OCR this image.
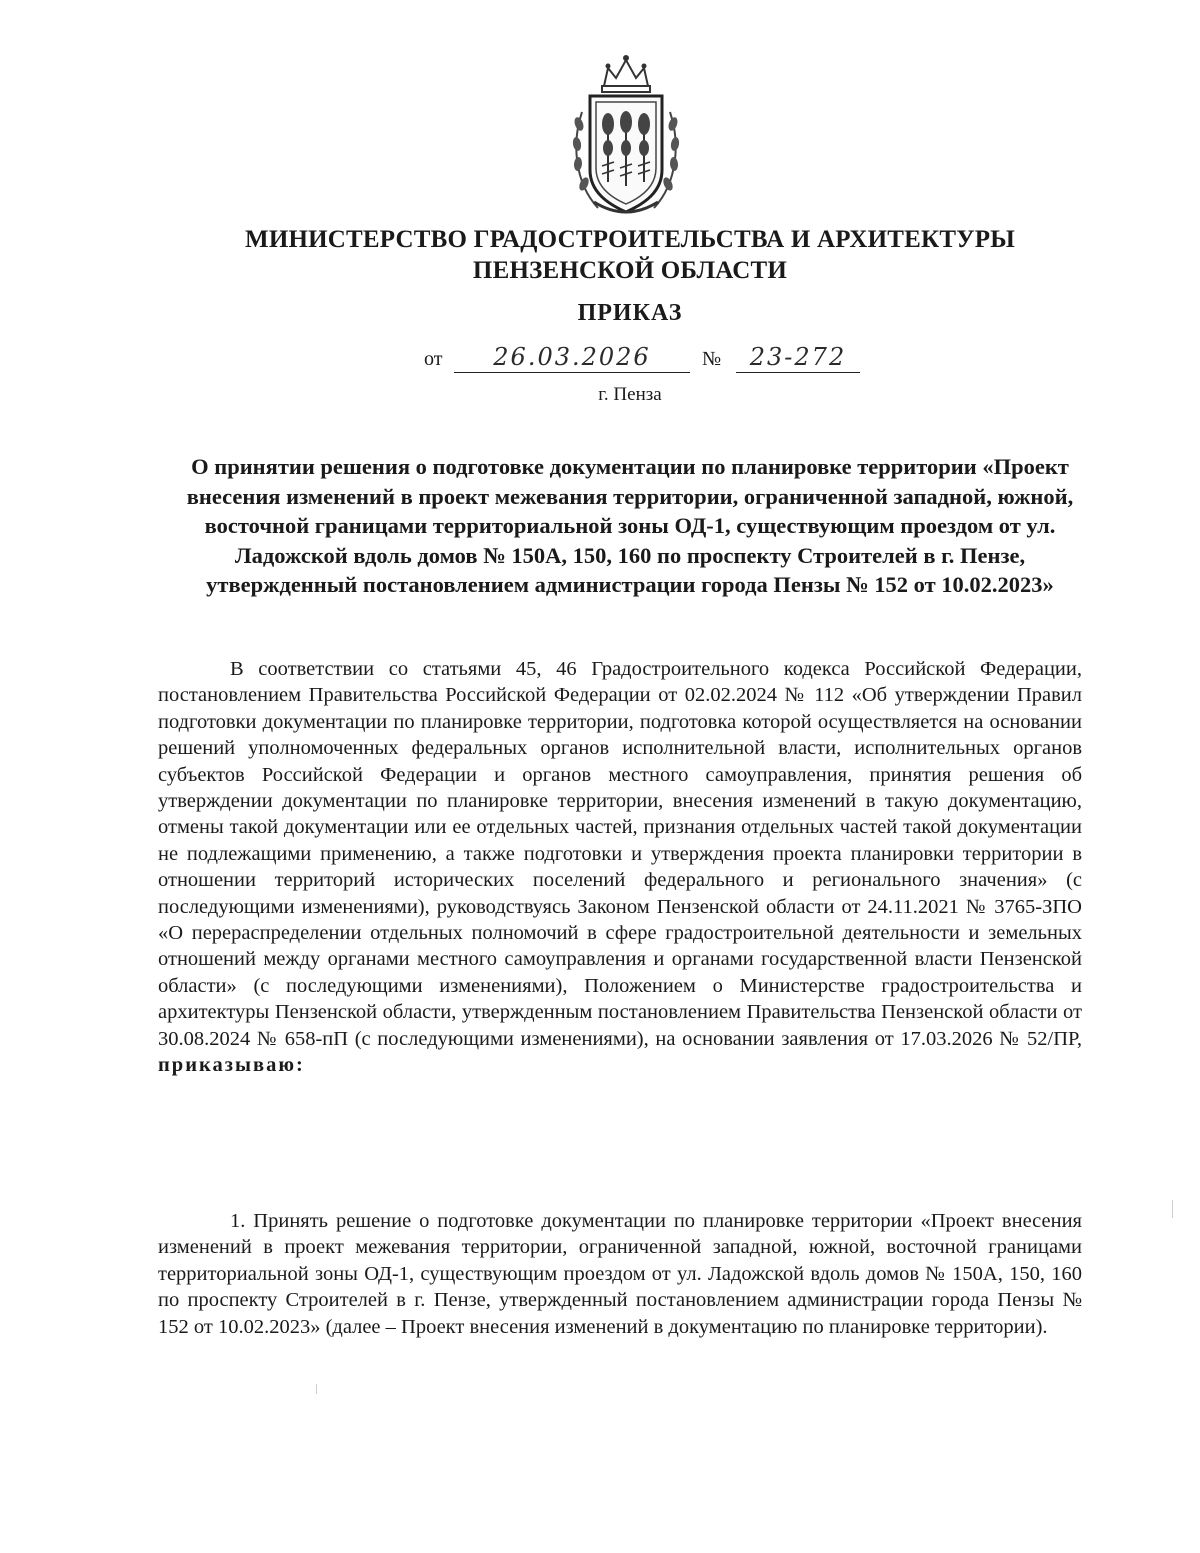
МИНИСТЕРСТВО ГРАДОСТРОИТЕЛЬСТВА И АРХИТЕКТУРЫ
ПЕНЗЕНСКОЙ ОБЛАСТИ
ПРИКАЗ
от	26.03.2026	№	23-272
г. Пенза
О принятии решения о подготовке документации по планировке территории «Проект внесения изменений в проект межевания территории, ограниченной западной, южной, восточной границами территориальной зоны ОД-1, существующим проездом от ул. Ладожской вдоль домов № 150А, 150, 160 по проспекту Строителей в г. Пензе, утвержденный постановлением администрации города Пензы № 152 от 10.02.2023»

В соответствии со статьями 45, 46 Градостроительного кодекса Российской Федерации, постановлением Правительства Российской Федерации от 02.02.2024 № 112 «Об утверждении Правил подготовки документации по планировке территории, подготовка которой осуществляется на основании решений уполномоченных федеральных органов исполнительной власти, исполнительных органов субъектов Российской Федерации и органов местного самоуправления, принятия решения об утверждении документации по планировке территории, внесения изменений в такую документацию, отмены такой документации или ее отдельных частей, признания отдельных частей такой документации не подлежащими применению, а также подготовки и утверждения проекта планировки территории в отношении территорий исторических поселений федерального и регионального значения» (с последующими изменениями), руководствуясь Законом Пензенской области от 24.11.2021 № 3765-ЗПО «О перераспределении отдельных полномочий в сфере градостроительной деятельности и земельных отношений между органами местного самоуправления и органами государственной власти Пензенской области» (с последующими изменениями), Положением о Министерстве градостроительства и архитектуры Пензенской области, утвержденным постановлением Правительства Пензенской области от 30.08.2024 № 658-пП (с последующими изменениями), на основании заявления от 17.03.2026 № 52/ПР, приказываю:

1. Принять решение о подготовке документации по планировке территории «Проект внесения изменений в проект межевания территории, ограниченной западной, южной, восточной границами территориальной зоны ОД-1, существующим проездом от ул. Ладожской вдоль домов № 150А, 150, 160 по проспекту Строителей в г. Пензе, утвержденный постановлением администрации города Пензы № 152 от 10.02.2023» (далее – Проект внесения изменений в документацию по планировке территории).
